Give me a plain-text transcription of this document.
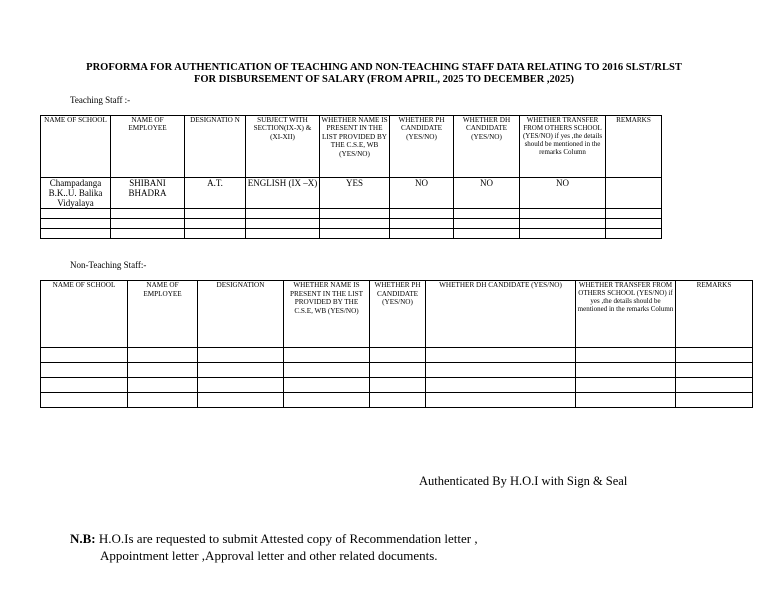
PROFORMA FOR AUTHENTICATION OF TEACHING AND NON-TEACHING STAFF DATA RELATING TO 2016 SLST/RLST
FOR DISBURSEMENT OF SALARY (FROM APRIL, 2025 TO DECEMBER ,2025)
Teaching Staff :-
NAME OF SCHOOL	NAME OF EMPLOYEE	DESIGNATIO N	SUBJECT WITH SECTION(IX-X) & (XI-XII)	WHETHER NAME IS PRESENT IN THE LIST PROVIDED BY THE C.S.E, WB (YES/NO)	WHETHER PH CANDIDATE (YES/NO)	WHETHER DH CANDIDATE (YES/NO)	WHETHER TRANSFER FROM OTHERS SCHOOL (YES/NO) if yes ,the details should be mentioned in the remarks Column	REMARKS
Champadanga B.K..U. Balika Vidyalaya	SHIBANI BHADRA	A.T.	ENGLISH (IX –X)	YES	NO	NO	NO	

Non-Teaching Staff:-
NAME OF SCHOOL	NAME OF EMPLOYEE	DESIGNATION	WHETHER NAME IS PRESENT IN THE LIST PROVIDED BY THE C.S.E, WB (YES/NO)	WHETHER PH CANDIDATE (YES/NO)	WHETHER DH CANDIDATE (YES/NO)	WHETHER TRANSFER FROM OTHERS SCHOOL (YES/NO) if yes ,the details should be mentioned in the remarks Column	REMARKS

Authenticated By H.O.I with Sign & Seal
N.B: H.O.Is are requested to submit Attested copy of Recommendation letter ,
Appointment letter ,Approval letter and other related documents.
